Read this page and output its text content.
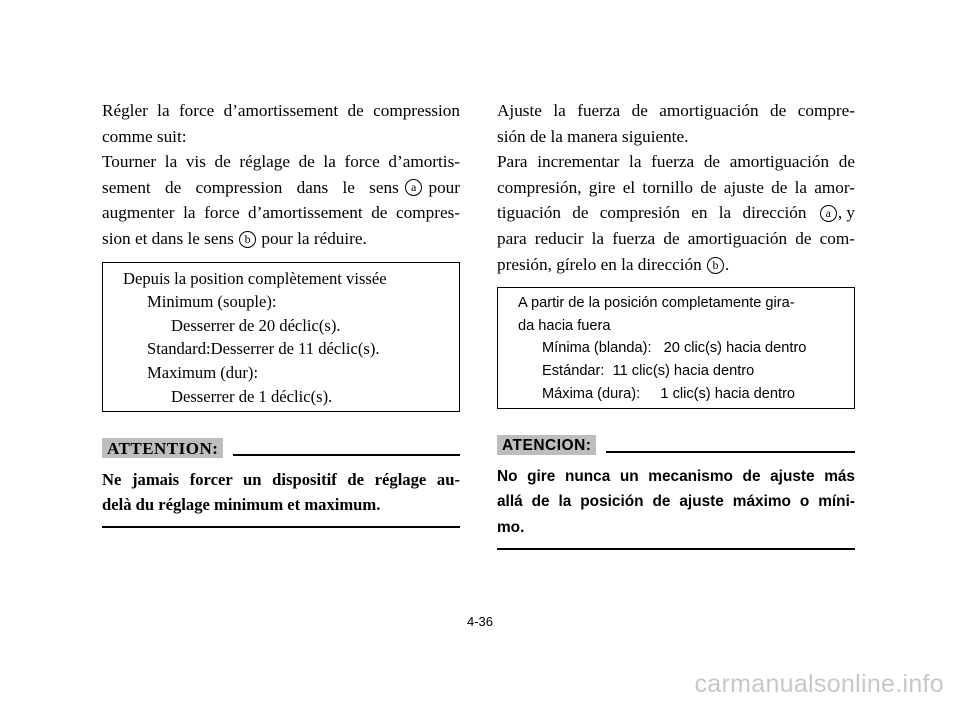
Régler la force d’amortissement de compression
comme suit:
Tourner la vis de réglage de la force d’amortis-
sement de compression dans le sens	a pour
augmenter la force d’amortissement de compres-
sion et dans le sens b pour la réduire.
Depuis la position complètement vissée
Minimum (souple):
Desserrer de 20 déclic(s).
Standard:Desserrer de 11 déclic(s).
Maximum (dur):
Desserrer de 1 déclic(s).
ATTENTION:
Ne jamais forcer un dispositif de réglage au-
delà du réglage minimum et maximum.
Ajuste la fuerza de amortiguación de compre-
sión de la manera siguiente.
Para incrementar la fuerza de amortiguación de
compresión, gire el tornillo de ajuste de la amor-
tiguación de compresión en la dirección	a , y
para reducir la fuerza de amortiguación de com-
presión, gírelo en la dirección b .
A partir de la posición completamente gira-
da hacia fuera
Mínima (blanda):   20 clic(s) hacia dentro
Estándar:  11 clic(s) hacia dentro
Máxima (dura):     1 clic(s) hacia dentro
ATENCION:
No gire nunca un mecanismo de ajuste más
allá de la posición de ajuste máximo o míni-
mo.
4-36
carmanualsonline.info
